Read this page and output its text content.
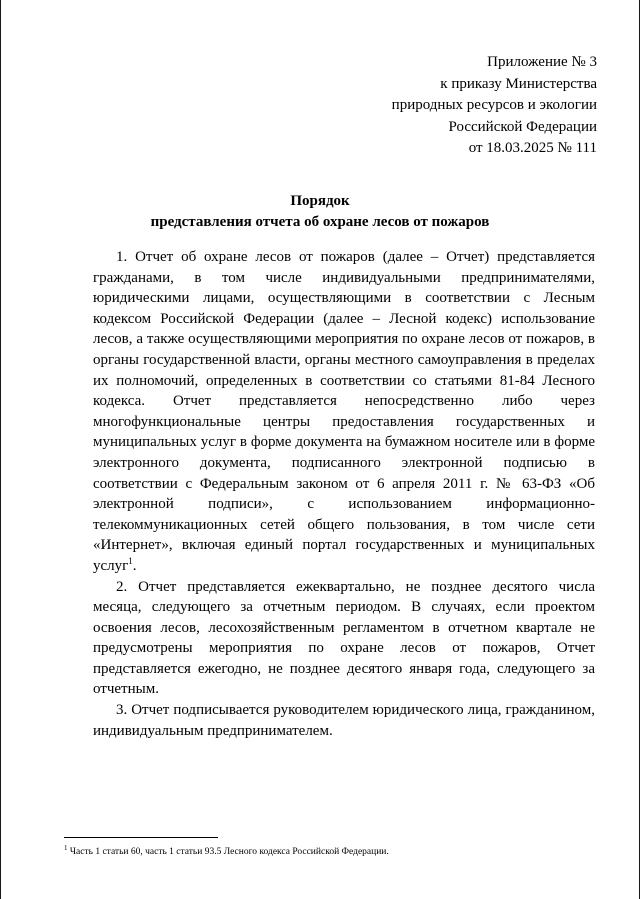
Приложение № 3
к приказу Министерства
природных ресурсов и экологии
Российской Федерации
от 18.03.2025 № 111
Порядок
представления отчета об охране лесов от пожаров

1. Отчет об охране лесов от пожаров (далее – Отчет) представляется гражданами, в том числе индивидуальными предпринимателями, юридическими лицами, осуществляющими в соответствии с Лесным кодексом Российской Федерации (далее – Лесной кодекс) использование лесов, а также осуществляющими мероприятия по охране лесов от пожаров, в органы государственной власти, органы местного самоуправления в пределах их полномочий, определенных в соответствии со статьями 81-84 Лесного кодекса. Отчет представляется непосредственно либо через многофункциональные центры предоставления государственных и муниципальных услуг в форме документа на бумажном носителе или в форме электронного документа, подписанного электронной подписью в соответствии с Федеральным законом от 6 апреля 2011 г. № 63-ФЗ «Об электронной подписи», с использованием информационно-телекоммуникационных сетей общего пользования, в том числе сети «Интернет», включая единый портал государственных и муниципальных услуг$^1$.

2. Отчет представляется ежеквартально, не позднее десятого числа месяца, следующего за отчетным периодом. В случаях, если проектом освоения лесов, лесохозяйственным регламентом в отчетном квартале не предусмотрены мероприятия по охране лесов от пожаров, Отчет представляется ежегодно, не позднее десятого января года, следующего за отчетным.

3. Отчет подписывается руководителем юридического лица, гражданином, индивидуальным предпринимателем.

$^1$ Часть 1 статьи 60, часть 1 статьи 93.5 Лесного кодекса Российской Федерации.
